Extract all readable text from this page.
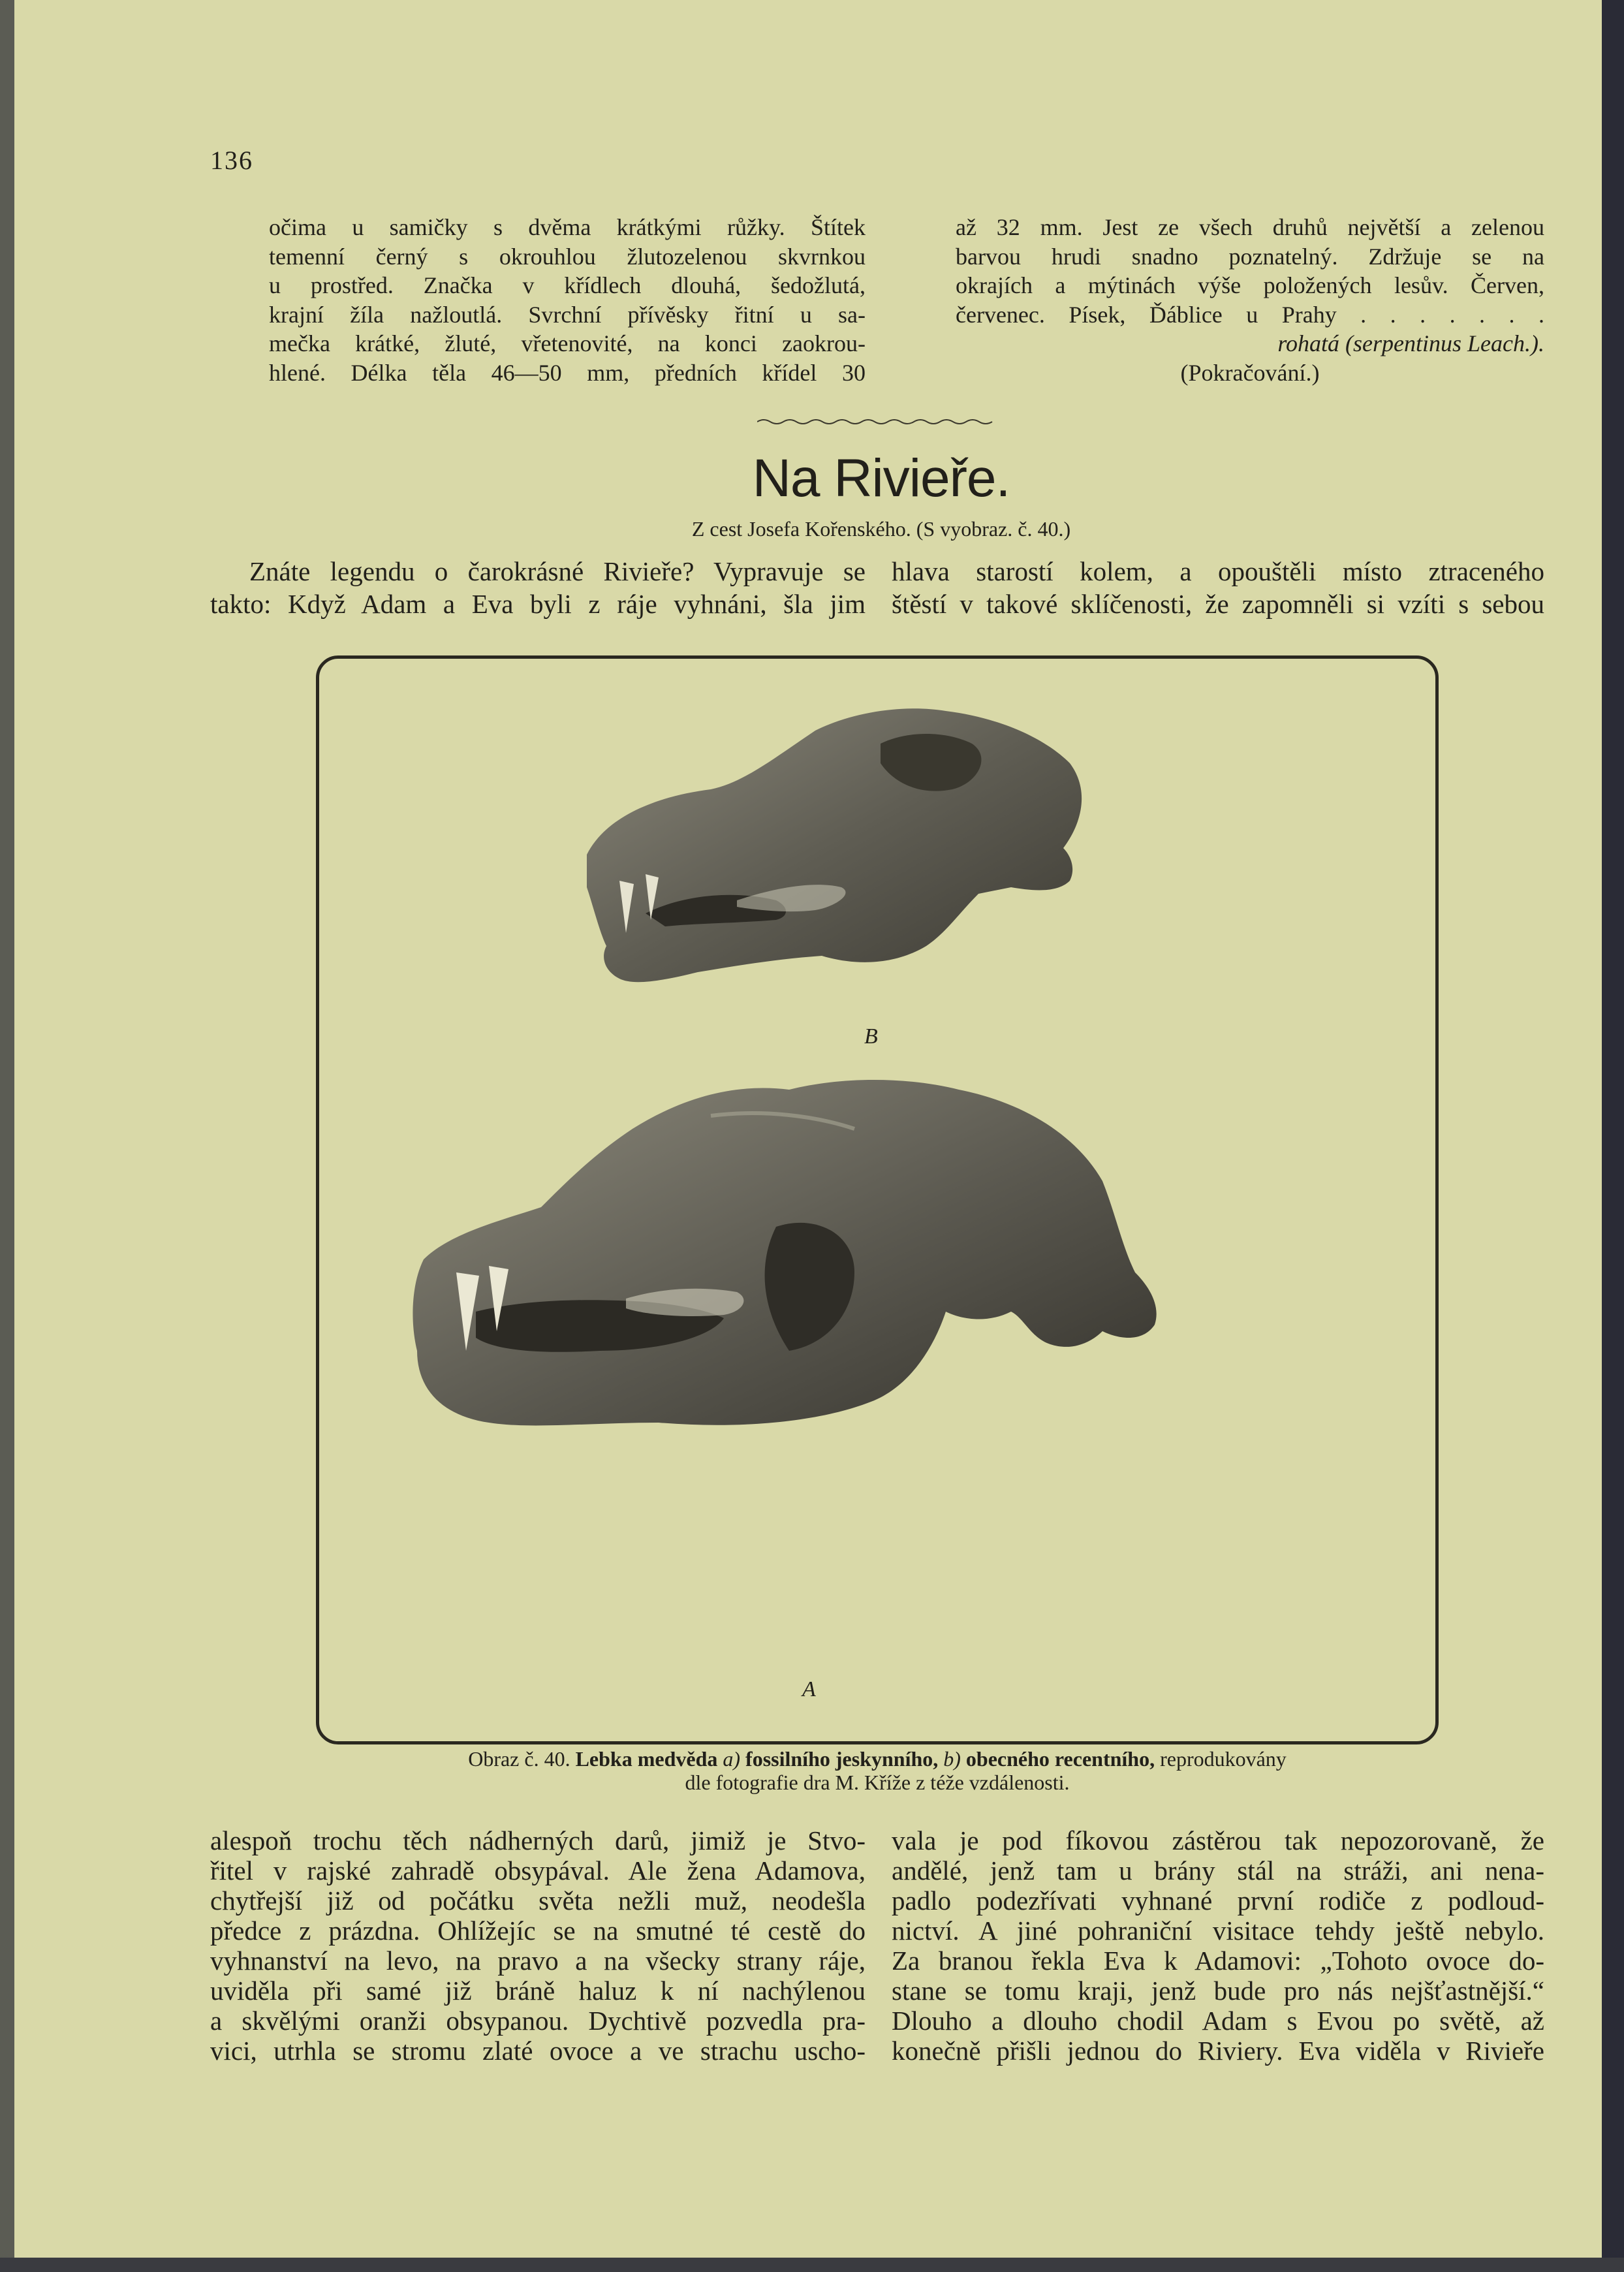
136
očima u samičky s dvěma krátkými růžky. Štítek
temenní černý s okrouhlou žlutozelenou skvrnkou
u prostřed. Značka v křídlech dlouhá, šedožlutá,
krajní žíla nažloutlá. Svrchní přívěsky řitní u sa-
mečka krátké, žluté, vřetenovité, na konci zaokrou-
hlené. Délka těla 46—50 mm, předních křídel 30
až 32 mm. Jest ze všech druhů největší a zelenou
barvou hrudi snadno poznatelný. Zdržuje se na
okrajích a mýtinách výše položených lesův. Červen,
červenec. Písek, Ďáblice u Prahy . . . . . . .
rohatá (serpentinus Leach.).
(Pokračování.)
Na Rivieře.
Z cest Josefa Kořenského. (S vyobraz. č. 40.)
Znáte legendu o čarokrásné Rivieře? Vypravuje se
takto: Když Adam a Eva byli z ráje vyhnáni, šla jim
hlava starostí kolem, a opouštěli místo ztraceného
štěstí v takové sklíčenosti, že zapomněli si vzíti s sebou
B
A
Obraz č. 40. Lebka medvěda a) fossilního jeskynního, b) obecného recentního, reprodukovány
dle fotografie dra M. Kříže z téže vzdálenosti.
alespoň trochu těch nádherných darů, jimiž je Stvo-
řitel v rajské zahradě obsypával. Ale žena Adamova,
chytřejší již od počátku světa nežli muž, neodešla
předce z prázdna. Ohlížejíc se na smutné té cestě do
vyhnanství na levo, na pravo a na všecky strany ráje,
uviděla při samé již bráně haluz k ní nachýlenou
a skvělými oranži obsypanou. Dychtivě pozvedla pra-
vici, utrhla se stromu zlaté ovoce a ve strachu uscho-
vala je pod fíkovou zástěrou tak nepozorovaně, že
andělé, jenž tam u brány stál na stráži, ani nena-
padlo podezřívati vyhnané první rodiče z podloud-
nictví. A jiné pohraniční visitace tehdy ještě nebylo.
Za branou řekla Eva k Adamovi: „Tohoto ovoce do-
stane se tomu kraji, jenž bude pro nás nejšťastnější.“
Dlouho a dlouho chodil Adam s Evou po světě, až
konečně přišli jednou do Riviery. Eva viděla v Rivieře
